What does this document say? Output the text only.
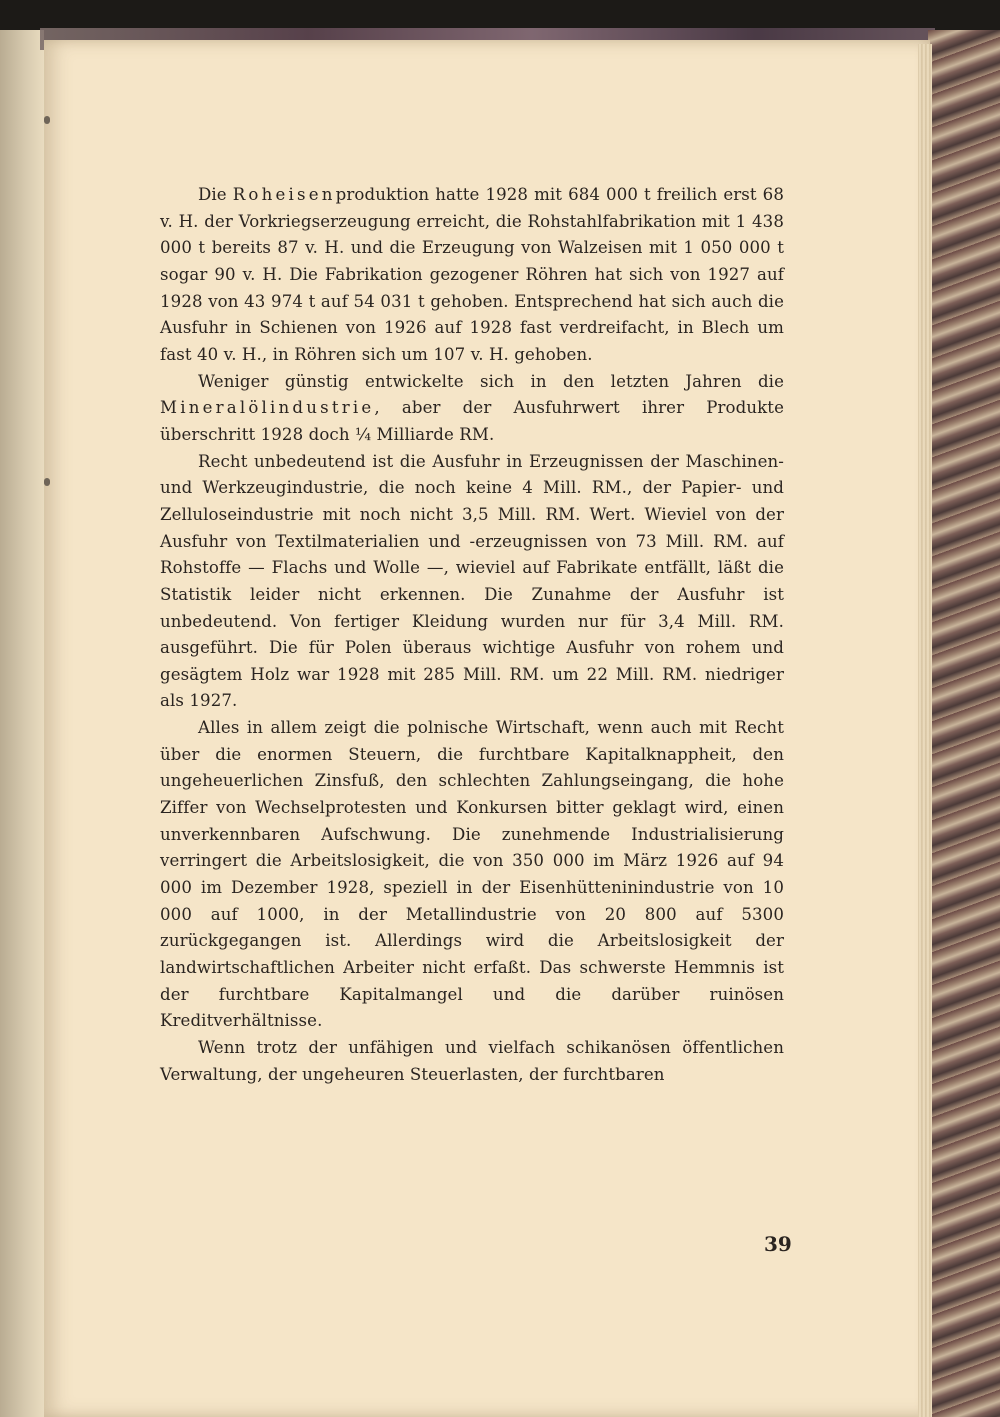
Die Roheisenproduktion hatte 1928 mit 684 000 t freilich erst 68 v. H. der Vorkriegserzeugung erreicht, die Rohstahlfabrikation mit 1 438 000 t bereits 87 v. H. und die Erzeugung von Walzeisen mit 1 050 000 t sogar 90 v. H. Die Fabrikation gezogener Röhren hat sich von 1927 auf 1928 von 43 974 t auf 54 031 t gehoben. Entsprechend hat sich auch die Ausfuhr in Schienen von 1926 auf 1928 fast verdreifacht, in Blech um fast 40 v. H., in Röhren sich um 107 v. H. gehoben.

Weniger günstig entwickelte sich in den letzten Jahren die Mineralölindustrie, aber der Ausfuhrwert ihrer Produkte überschritt 1928 doch ¼ Milliarde RM.

Recht unbedeutend ist die Ausfuhr in Erzeugnissen der Maschinen- und Werkzeugindustrie, die noch keine 4 Mill. RM., der Papier- und Zelluloseindustrie mit noch nicht 3,5 Mill. RM. Wert. Wieviel von der Ausfuhr von Textilmaterialien und -erzeugnissen von 73 Mill. RM. auf Rohstoffe — Flachs und Wolle —, wieviel auf Fabrikate entfällt, läßt die Statistik leider nicht erkennen. Die Zunahme der Ausfuhr ist unbedeutend. Von fertiger Kleidung wurden nur für 3,4 Mill. RM. ausgeführt. Die für Polen überaus wichtige Ausfuhr von rohem und gesägtem Holz war 1928 mit 285 Mill. RM. um 22 Mill. RM. niedriger als 1927.

Alles in allem zeigt die polnische Wirtschaft, wenn auch mit Recht über die enormen Steuern, die furchtbare Kapitalknappheit, den ungeheuerlichen Zinsfuß, den schlechten Zahlungseingang, die hohe Ziffer von Wechselprotesten und Konkursen bitter geklagt wird, einen unverkennbaren Aufschwung. Die zunehmende Industrialisierung verringert die Arbeitslosigkeit, die von 350 000 im März 1926 auf 94 000 im Dezember 1928, speziell in der Eisenhütteninindustrie von 10 000 auf 1000, in der Metallindustrie von 20 800 auf 5300 zurückgegangen ist. Allerdings wird die Arbeitslosigkeit der landwirtschaftlichen Arbeiter nicht erfaßt. Das schwerste Hemmnis ist der furchtbare Kapitalmangel und die darüber ruinösen Kreditverhältnisse.

Wenn trotz der unfähigen und vielfach schikanösen öffentlichen Verwaltung, der ungeheuren Steuerlasten, der furchtbaren

39
